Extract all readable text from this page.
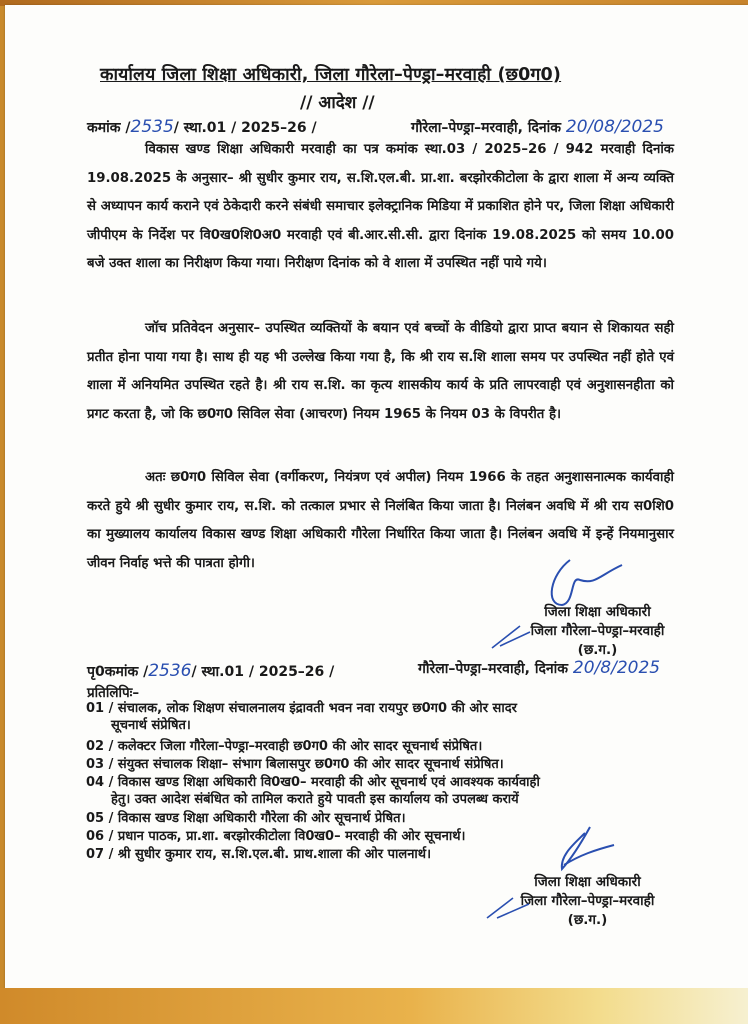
कार्यालय जिला शिक्षा अधिकारी, जिला गौरेला–पेण्ड्रा–मरवाही (छ0ग0)
// आदेश //
कमांक /2535/ स्था.01 / 2025–26 /	गौरेला–पेण्ड्रा–मरवाही, दिनांक 20/08/2025

विकास खण्ड शिक्षा अधिकारी मरवाही का पत्र कमांक स्था.03 / 2025–26 / 942 मरवाही दिनांक 19.08.2025 के अनुसार– श्री सुधीर कुमार राय, स.शि.एल.बी. प्रा.शा. बरझोरकीटोला के द्वारा शाला में अन्य व्यक्ति से अध्यापन कार्य कराने एवं ठेकेदारी करने संबंधी समाचार इलेक्ट्रानिक मिडिया में प्रकाशित होने पर, जिला शिक्षा अधिकारी जीपीएम के निर्देश पर वि0ख0शि0अ0 मरवाही एवं बी.आर.सी.सी. द्वारा दिनांक 19.08.2025 को समय 10.00 बजे उक्त शाला का निरीक्षण किया गया। निरीक्षण दिनांक को वे शाला में उपस्थित नहीं पाये गये।

जॉच प्रतिवेदन अनुसार– उपस्थित व्यक्तियों के बयान एवं बच्चों के वीडियो द्वारा प्राप्त बयान से शिकायत सही प्रतीत होना पाया गया है। साथ ही यह भी उल्लेख किया गया है, कि श्री राय स.शि शाला समय पर उपस्थित नहीं होते एवं शाला में अनियमित उपस्थित रहते है। श्री राय स.शि. का कृत्य शासकीय कार्य के प्रति लापरवाही एवं अनुशासनहीता को प्रगट करता है, जो कि छ0ग0 सिविल सेवा (आचरण) नियम 1965 के नियम 03 के विपरीत है।

अतः छ0ग0 सिविल सेवा (वर्गीकरण, नियंत्रण एवं अपील) नियम 1966 के तहत अनुशासनात्मक कार्यवाही करते हुये श्री सुधीर कुमार राय, स.शि. को तत्काल प्रभार से निलंबित किया जाता है। निलंबन अवधि में श्री राय स0शि0 का मुख्यालय कार्यालय विकास खण्ड शिक्षा अधिकारी गौरेला निर्धारित किया जाता है। निलंबन अवधि में इन्हें नियमानुसार जीवन निर्वाह भत्ते की पात्रता होगी।

जिला शिक्षा अधिकारी
जिला गौरेला–पेण्ड्रा–मरवाही
(छ.ग.)
पृ0कमांक /2536/ स्था.01 / 2025–26 /	गौरेला–पेण्ड्रा–मरवाही, दिनांक 20/8/2025
प्रतिलिपिः–
01 / संचालक, लोक शिक्षण संचालनालय इंद्रावती भवन नवा रायपुर छ0ग0 की ओर सादर
सूचनार्थ संप्रेषित।
02 / कलेक्टर जिला गौरेला–पेण्ड्रा–मरवाही छ0ग0 की ओर सादर सूचनार्थ संप्रेषित।
03 / संयुक्त संचालक शिक्षा– संभाग बिलासपुर छ0ग0 की ओर सादर सूचनार्थ संप्रेषित।
04 / विकास खण्ड शिक्षा अधिकारी वि0ख0– मरवाही की ओर सूचनार्थ एवं आवश्यक कार्यवाही
हेतु। उक्त आदेश संबंधित को तामिल कराते हुये पावती इस कार्यालय को उपलब्ध करायें
05 / विकास खण्ड शिक्षा अधिकारी गौरेला की ओर सूचनार्थ प्रेषित।
06 / प्रधान पाठक, प्रा.शा. बरझोरकीटोला वि0ख0– मरवाही की ओर सूचनार्थ।
07 / श्री सुधीर कुमार राय, स.शि.एल.बी. प्राथ.शाला की ओर पालनार्थ।
जिला शिक्षा अधिकारी
जिला गौरेला–पेण्ड्रा–मरवाही
(छ.ग.)
